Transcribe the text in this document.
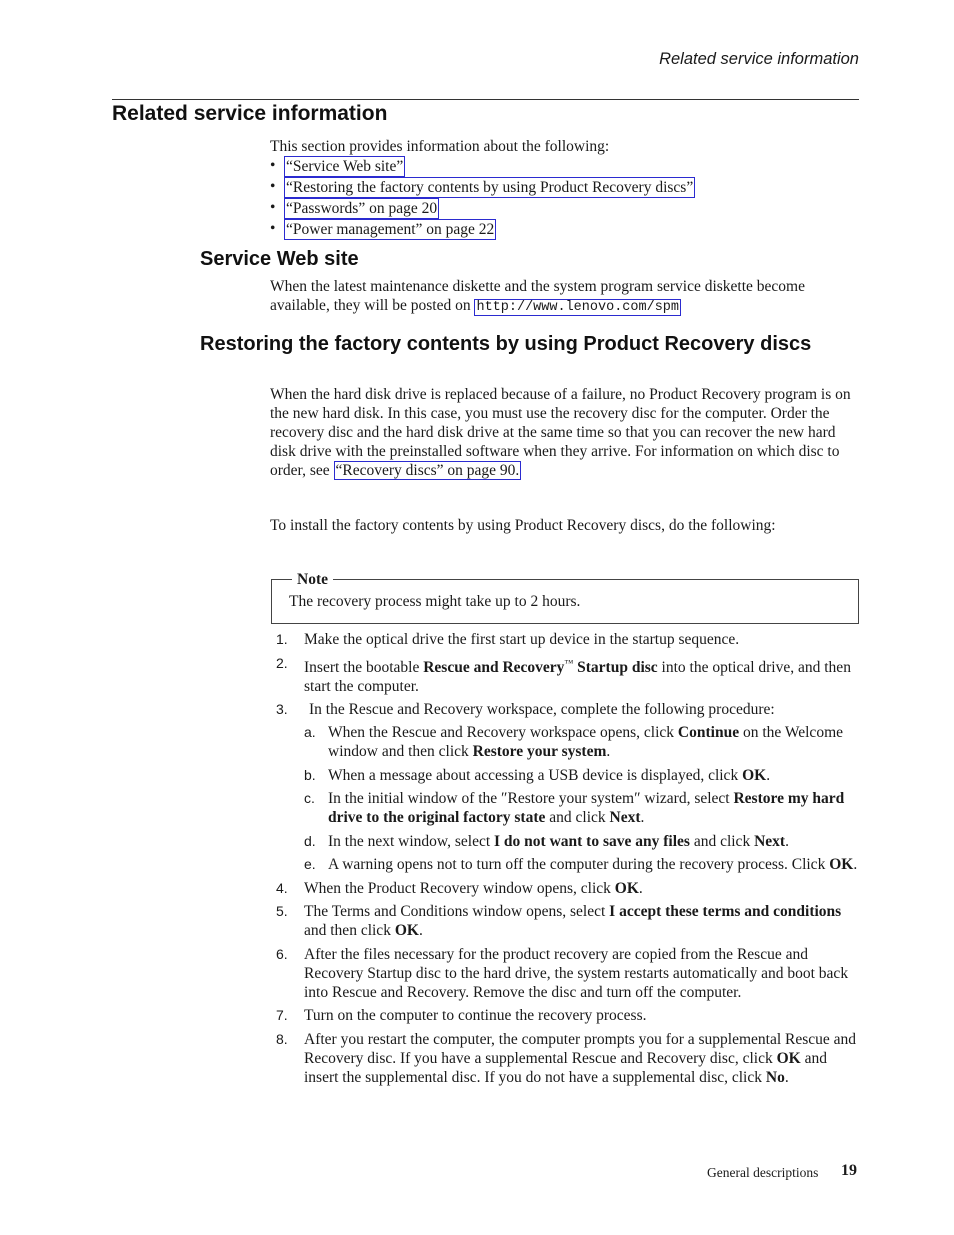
Related service information
Related service information

This section provides information about the following:

• “Service Web site”
• “Restoring the factory contents by using Product Recovery discs”
• “Passwords” on page 20
• “Power management” on page 22
Service Web site

When the latest maintenance diskette and the system program service diskette become available, they will be posted on http://www.lenovo.com/spm

Restoring the factory contents by using Product Recovery discs

When the hard disk drive is replaced because of a failure, no Product Recovery program is on the new hard disk. In this case, you must use the recovery disc for the computer. Order the recovery disc and the hard disk drive at the same time so that you can recover the new hard disk drive with the preinstalled software when they arrive. For information on which disc to order, see “Recovery discs” on page 90.

To install the factory contents by using Product Recovery discs, do the following:

Note
The recovery process might take up to 2 hours.
1.	Make the optical drive the first start up device in the startup sequence.
2.	Insert the bootable Rescue and Recovery™ Startup disc into the optical drive, and then start the computer.
3.	In the Rescue and Recovery workspace, complete the following procedure:
a. When the Rescue and Recovery workspace opens, click Continue on the Welcome window and then click Restore your system.
b. When a message about accessing a USB device is displayed, click OK.
c. In the initial window of the ″Restore your system″ wizard, select Restore my hard drive to the original factory state and click Next.
d. In the next window, select I do not want to save any files and click Next.
e. A warning opens not to turn off the computer during the recovery process. Click OK.
4.	When the Product Recovery window opens, click OK.
5.	The Terms and Conditions window opens, select I accept these terms and conditions and then click OK.
6.	After the files necessary for the product recovery are copied from the Rescue and Recovery Startup disc to the hard drive, the system restarts automatically and boot back into Rescue and Recovery. Remove the disc and turn off the computer.
7.	Turn on the computer to continue the recovery process.
8.	After you restart the computer, the computer prompts you for a supplemental Rescue and Recovery disc. If you have a supplemental Rescue and Recovery disc, click OK and insert the supplemental disc. If you do not have a supplemental disc, click No.
General descriptions 19
